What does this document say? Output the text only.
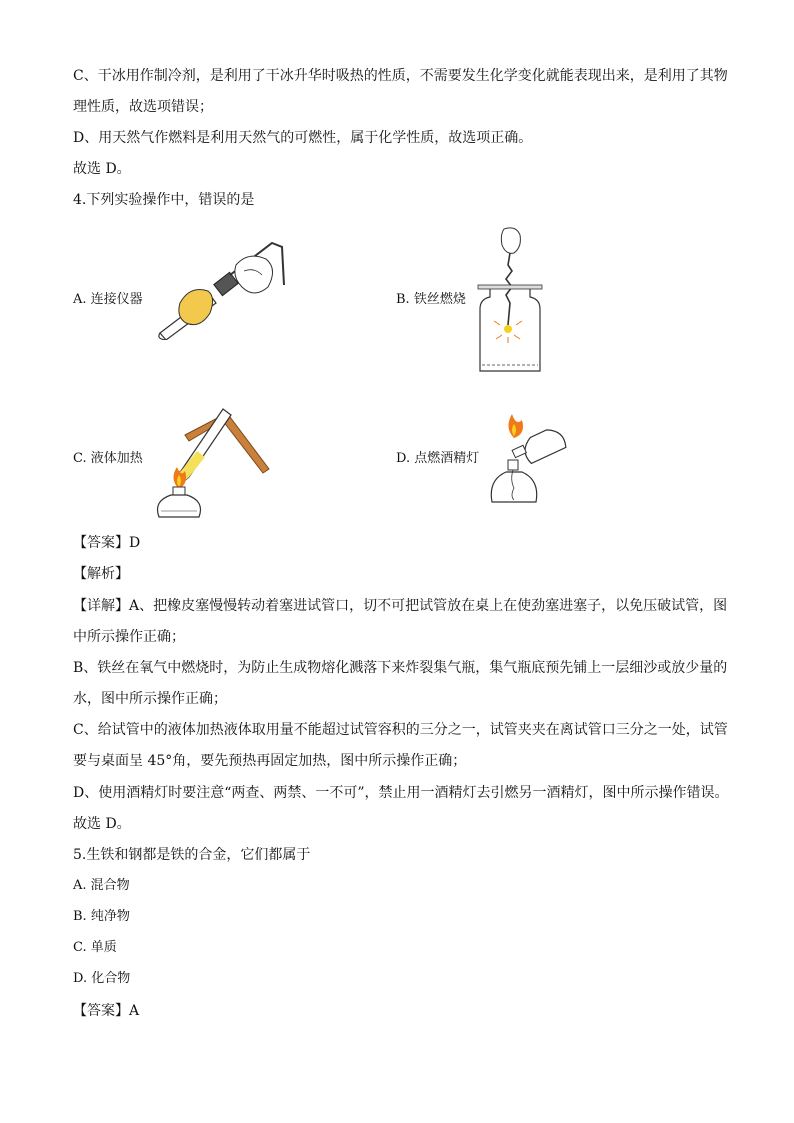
C、干冰用作制冷剂，是利用了干冰升华时吸热的性质，不需要发生化学变化就能表现出来，是利用了其物
理性质，故选项错误；
D、用天然气作燃料是利用天然气的可燃性，属于化学性质，故选项正确。
故选 D。
4.下列实验操作中，错误的是
A. 连接仪器	B. 铁丝燃烧
C. 液体加热	D. 点燃酒精灯
【答案】D
【解析】
【详解】A、把橡皮塞慢慢转动着塞进试管口，切不可把试管放在桌上在使劲塞进塞子，以免压破试管，图
中所示操作正确；
B、铁丝在氧气中燃烧时，为防止生成物熔化溅落下来炸裂集气瓶，集气瓶底预先铺上一层细沙或放少量的
水，图中所示操作正确；
C、给试管中的液体加热液体取用量不能超过试管容积的三分之一，试管夹夹在离试管口三分之一处，试管
要与桌面呈 45°角，要先预热再固定加热，图中所示操作正确；
D、使用酒精灯时要注意“两查、两禁、一不可”，禁止用一酒精灯去引燃另一酒精灯，图中所示操作错误。
故选 D。
5.生铁和钢都是铁的合金，它们都属于
A. 混合物
B. 纯净物
C. 单质
D. 化合物
【答案】A
